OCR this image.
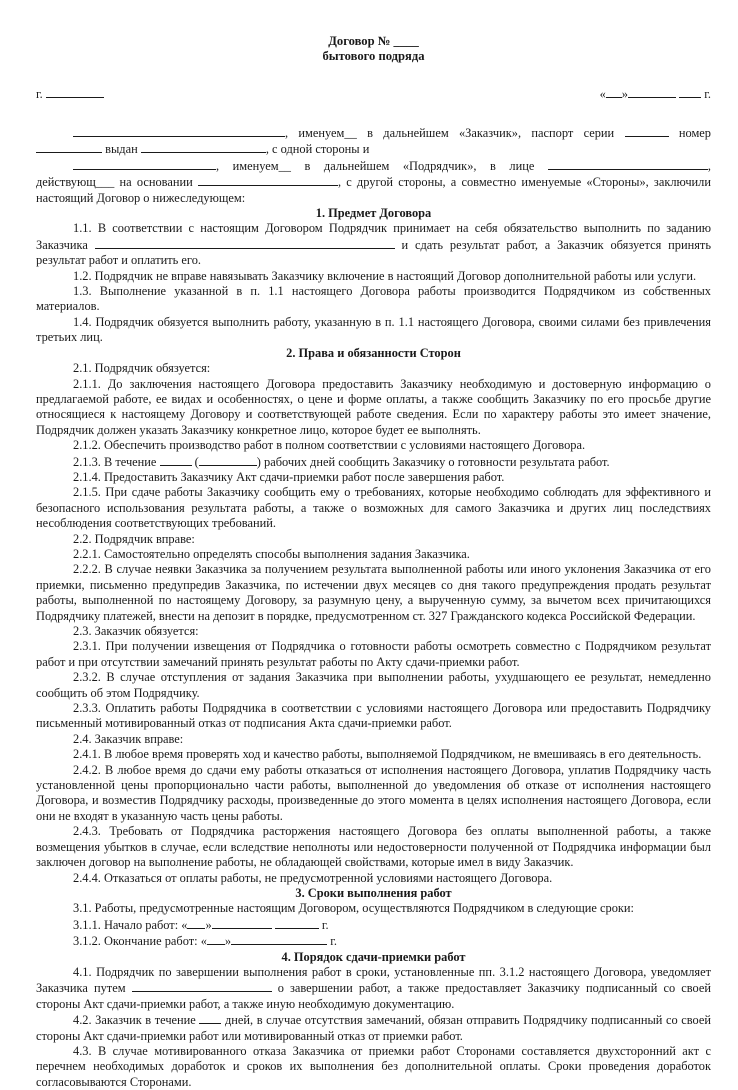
Договор № ____
бытового подряда
г.	« »	г.

, именуем__ в дальнейшем «Заказчик», паспорт серии	номер  выдан	, с одной стороны и

, именуем__ в дальнейшем «Подрядчик», в лице	, действующ___ на основании	, с другой стороны, а совместно именуемые «Стороны», заключили настоящий Договор о нижеследующем:

1. Предмет Договора

1.1. В соответствии с настоящим Договором Подрядчик принимает на себя обязательство выполнить по заданию Заказчика	и сдать результат работ, а Заказчик обязуется принять результат работ и оплатить его.

1.2. Подрядчик не вправе навязывать Заказчику включение в настоящий Договор дополнительной работы или услуги.

1.3. Выполнение указанной в п. 1.1 настоящего Договора работы производится Подрядчиком из собственных материалов.

1.4. Подрядчик обязуется выполнить работу, указанную в п. 1.1 настоящего Договора, своими силами без привлечения третьих лиц.

2. Права и обязанности Сторон

2.1. Подрядчик обязуется:

2.1.1. До заключения настоящего Договора предоставить Заказчику необходимую и достоверную информацию о предлагаемой работе, ее видах и особенностях, о цене и форме оплаты, а также сообщить Заказчику по его просьбе другие относящиеся к настоящему Договору и соответствующей работе сведения. Если по характеру работы это имеет значение, Подрядчик должен указать Заказчику конкретное лицо, которое будет ее выполнять.

2.1.2. Обеспечить производство работ в полном соответствии с условиями настоящего Договора.

2.1.3. В течение	(	) рабочих дней сообщить Заказчику о готовности результата работ.

2.1.4. Предоставить Заказчику Акт сдачи-приемки работ после завершения работ.

2.1.5. При сдаче работы Заказчику сообщить ему о требованиях, которые необходимо соблюдать для эффективного и безопасного использования результата работы, а также о возможных для самого Заказчика и других лиц последствиях несоблюдения соответствующих требований.

2.2. Подрядчик вправе:

2.2.1. Самостоятельно определять способы выполнения задания Заказчика.

2.2.2. В случае неявки Заказчика за получением результата выполненной работы или иного уклонения Заказчика от его приемки, письменно предупредив Заказчика, по истечении двух месяцев со дня такого предупреждения продать результат работы, выполненной по настоящему Договору, за разумную цену, а вырученную сумму, за вычетом всех причитающихся Подрядчику платежей, внести на депозит в порядке, предусмотренном ст. 327 Гражданского кодекса Российской Федерации.

2.3. Заказчик обязуется:

2.3.1. При получении извещения от Подрядчика о готовности работы осмотреть совместно с Подрядчиком результат работ и при отсутствии замечаний принять результат работы по Акту сдачи-приемки работ.

2.3.2. В случае отступления от задания Заказчика при выполнении работы, ухудшающего ее результат, немедленно сообщить об этом Подрядчику.

2.3.3. Оплатить работы Подрядчика в соответствии с условиями настоящего Договора или предоставить Подрядчику письменный мотивированный отказ от подписания Акта сдачи-приемки работ.

2.4. Заказчик вправе:

2.4.1. В любое время проверять ход и качество работы, выполняемой Подрядчиком, не вмешиваясь в его деятельность.

2.4.2. В любое время до сдачи ему работы отказаться от исполнения настоящего Договора, уплатив Подрядчику часть установленной цены пропорционально части работы, выполненной до уведомления об отказе от исполнения настоящего Договора, и возместив Подрядчику расходы, произведенные до этого момента в целях исполнения настоящего Договора, если они не входят в указанную часть цены работы.

2.4.3. Требовать от Подрядчика расторжения настоящего Договора без оплаты выполненной работы, а также возмещения убытков в случае, если вследствие неполноты или недостоверности полученной от Подрядчика информации был заключен договор на выполнение работы, не обладающей свойствами, которые имел в виду Заказчик.

2.4.4. Отказаться от оплаты работы, не предусмотренной условиями настоящего Договора.

3. Сроки выполнения работ

3.1. Работы, предусмотренные настоящим Договором, осуществляются Подрядчиком в следующие сроки:

3.1.1. Начало работ: « »	г.

3.1.2. Окончание работ: « »	г.

4. Порядок сдачи-приемки работ

4.1. Подрядчик по завершении выполнения работ в сроки, установленные пп. 3.1.2 настоящего Договора, уведомляет Заказчика путем	о завершении работ, а также предоставляет Заказчику подписанный со своей стороны Акт сдачи-приемки работ, а также иную необходимую документацию.

4.2. Заказчик в течение дней, в случае отсутствия замечаний, обязан отправить Подрядчику подписанный со своей стороны Акт сдачи-приемки работ или мотивированный отказ от приемки работ.

4.3. В случае мотивированного отказа Заказчика от приемки работ Сторонами составляется двухсторонний акт с перечнем необходимых доработок и сроков их выполнения без дополнительной оплаты. Сроки проведения доработок согласовываются Сторонами.
